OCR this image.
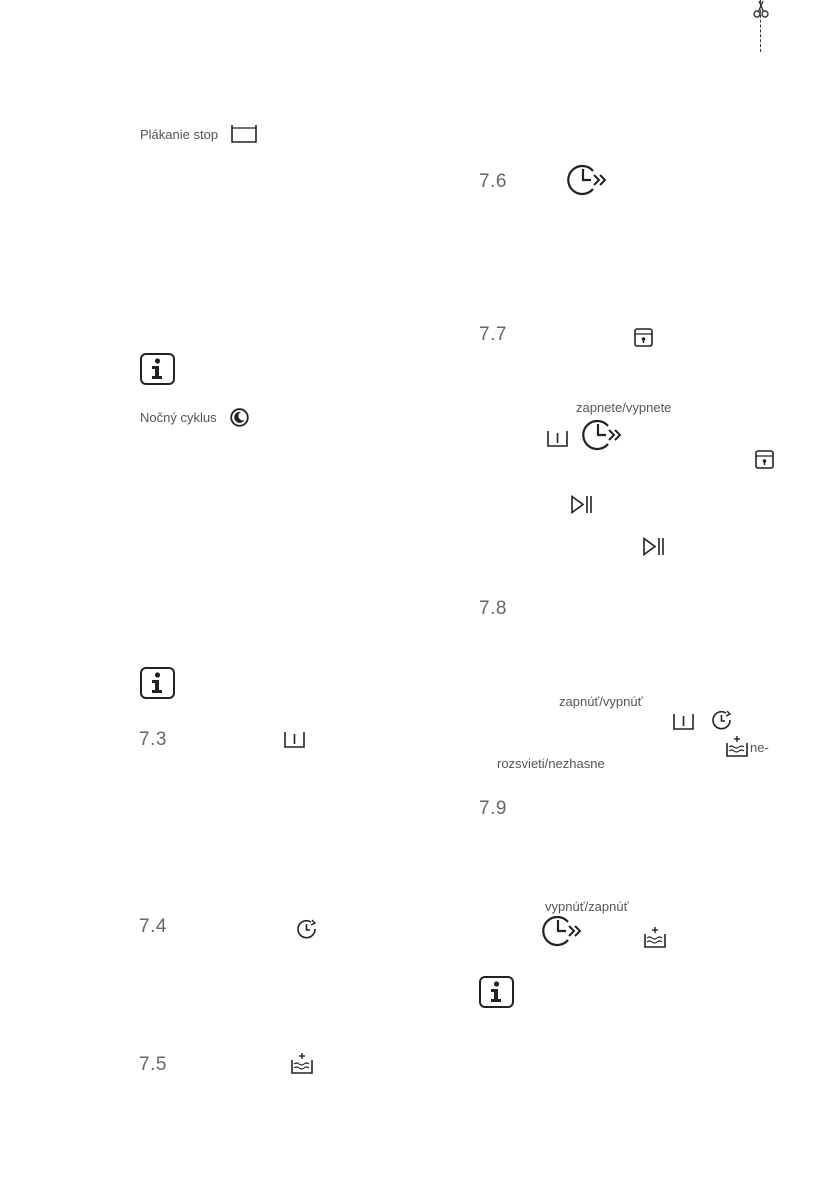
Plákanie stop
Nočný cyklus
7.3
7.4
7.5
7.6
7.7
zapnete/vypnete
7.8
zapnúť/vypnúť
ne-
rozsvieti/nezhasne
7.9
vypnúť/zapnúť
